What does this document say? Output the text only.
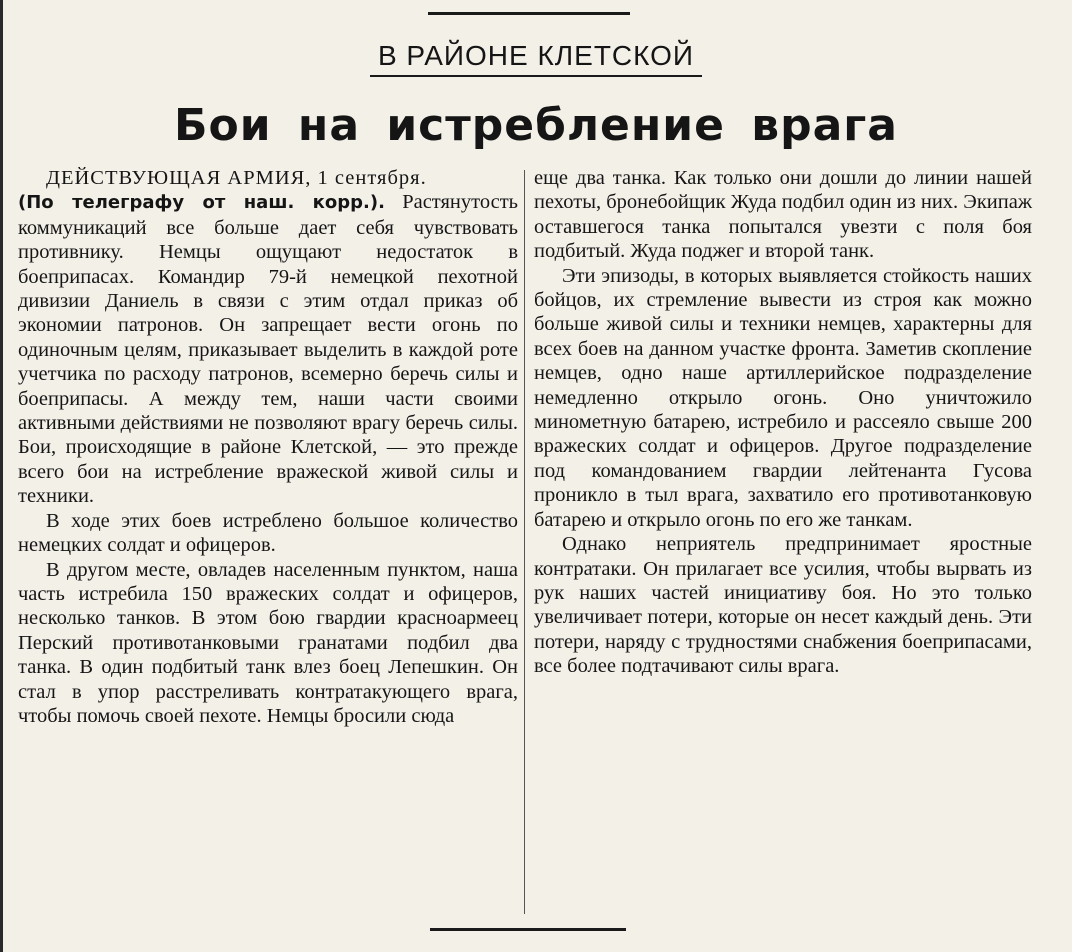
В РАЙОНЕ КЛЕТСКОЙ
Бои на истребление врага

ДЕЙСТВУЮЩАЯ АРМИЯ, 1 сентября.
(По телеграфу от наш. корр.). Растянутость коммуникаций все больше дает себя чувствовать противнику. Немцы ощущают недостаток в боеприпасах. Командир 79-й немецкой пехотной дивизии Даниель в связи с этим отдал приказ об экономии патронов. Он запрещает вести огонь по одиночным целям, приказывает выделить в каждой роте учетчика по расходу патронов, всемерно беречь силы и боеприпасы. А между тем, наши части своими активными действиями не позволяют врагу беречь силы. Бои, происходящие в районе Клетской, — это прежде всего бои на истребление вражеской живой силы и техники.

В ходе этих боев истреблено большое количество немецких солдат и офицеров.

В другом месте, овладев населенным пунктом, наша часть истребила 150 вражеских солдат и офицеров, несколько танков. В этом бою гвардии красноармеец Перский противотанковыми гранатами подбил два танка. В один подбитый танк влез боец Лепешкин. Он стал в упор расстреливать контратакующего врага, чтобы помочь своей пехоте. Немцы бросили сюда

еще два танка. Как только они дошли до линии нашей пехоты, бронебойщик Жуда подбил один из них. Экипаж оставшегося танка попытался увезти с поля боя подбитый. Жуда поджег и второй танк.

Эти эпизоды, в которых выявляется стойкость наших бойцов, их стремление вывести из строя как можно больше живой силы и техники немцев, характерны для всех боев на данном участке фронта. Заметив скопление немцев, одно наше артиллерийское подразделение немедленно открыло огонь. Оно уничтожило минометную батарею, истребило и рассеяло свыше 200 вражеских солдат и офицеров. Другое подразделение под командованием гвардии лейтенанта Гусова проникло в тыл врага, захватило его противотанковую батарею и открыло огонь по его же танкам.

Однако неприятель предпринимает яростные контратаки. Он прилагает все усилия, чтобы вырвать из рук наших частей инициативу боя. Но это только увеличивает потери, которые он несет каждый день. Эти потери, наряду с трудностями снабжения боеприпасами, все более подтачивают силы врага.
